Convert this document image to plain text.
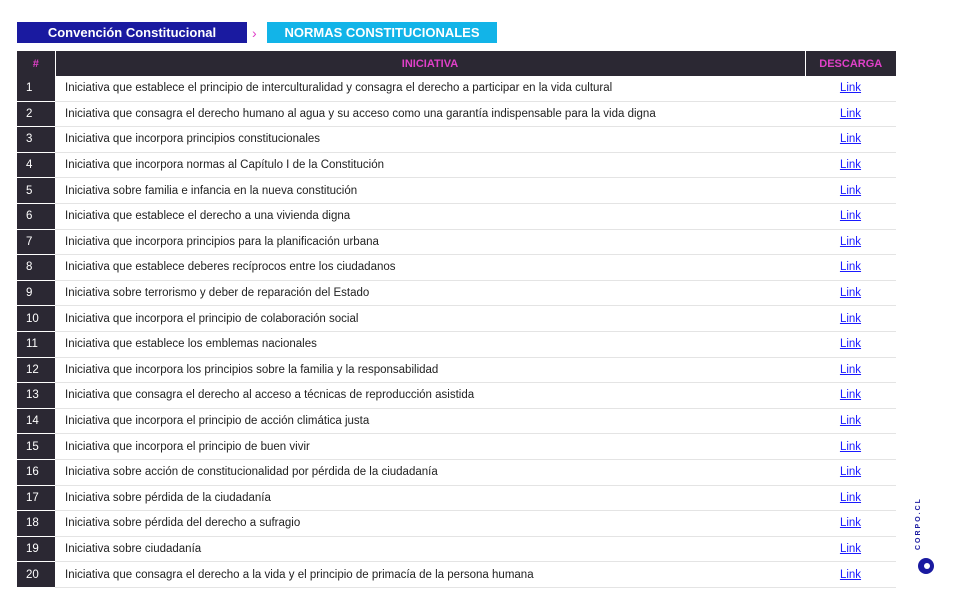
Convención Constitucional	›	NORMAS CONSTITUCIONALES
#	INICIATIVA	DESCARGA
1	Iniciativa que establece el principio de interculturalidad y consagra el derecho a participar en la vida cultural	Link
2	Iniciativa que consagra el derecho humano al agua y su acceso como una garantía indispensable para la vida digna	Link
3	Iniciativa que incorpora principios constitucionales	Link
4	Iniciativa que incorpora normas al Capítulo I de la Constitución	Link
5	Iniciativa sobre familia e infancia en la nueva constitución	Link
6	Iniciativa que establece el derecho a una vivienda digna	Link
7	Iniciativa que incorpora principios para la planificación urbana	Link
8	Iniciativa que establece deberes recíprocos entre los ciudadanos	Link
9	Iniciativa sobre terrorismo y deber de reparación del Estado	Link
10	Iniciativa que incorpora el principio de colaboración social	Link
11	Iniciativa que establece los emblemas nacionales	Link
12	Iniciativa que incorpora los principios sobre la familia y la responsabilidad	Link
13	Iniciativa que consagra el derecho al acceso a técnicas de reproducción asistida	Link
14	Iniciativa que incorpora el principio de acción climática justa	Link
15	Iniciativa que incorpora el principio de buen vivir	Link
16	Iniciativa sobre acción de constitucionalidad por pérdida de la ciudadanía	Link
17	Iniciativa sobre pérdida de la ciudadanía	Link
18	Iniciativa sobre pérdida del derecho a sufragio	Link
19	Iniciativa sobre ciudadanía	Link
20	Iniciativa que consagra el derecho a la vida y el principio de primacía de la persona humana	Link
CORPO.CL
